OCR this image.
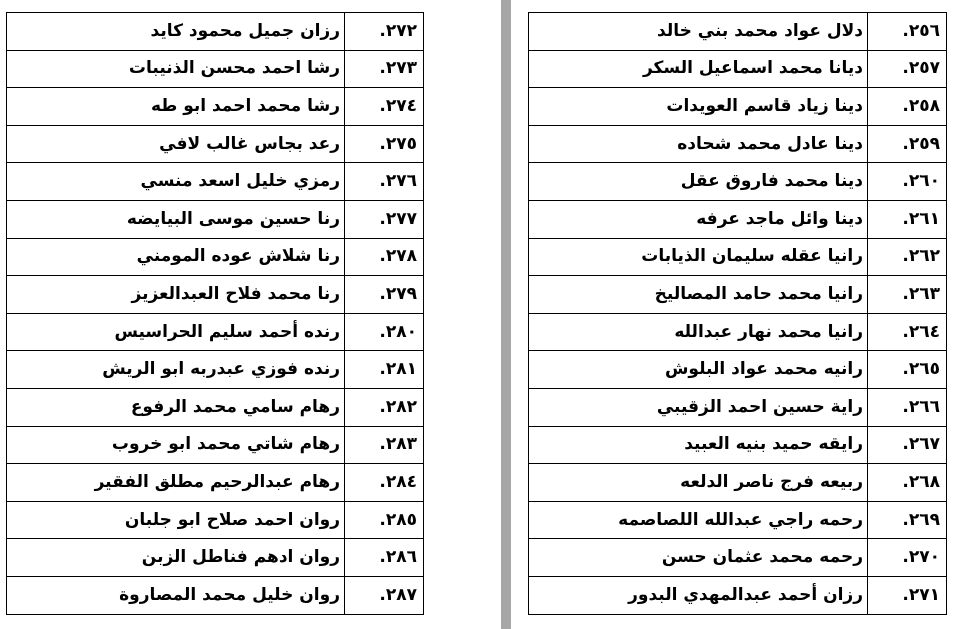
٢٧٢.	رزان جميل محمود كايد
٢٧٣.	رشا احمد محسن الذنيبات
٢٧٤.	رشا محمد احمد ابو طه
٢٧٥.	رعد بجاس غالب لافي
٢٧٦.	رمزي خليل اسعد منسي
٢٧٧.	رنا حسين موسى البيايضه
٢٧٨.	رنا شلاش عوده المومني
٢٧٩.	رنا محمد فلاح العبدالعزيز
٢٨٠.	رنده أحمد سليم الحراسيس
٢٨١.	رنده فوزي عبدربه ابو الريش
٢٨٢.	رهام سامي محمد الرفوع
٢٨٣.	رهام شاتي محمد ابو خروب
٢٨٤.	رهام عبدالرحيم مطلق الفقير
٢٨٥.	روان احمد صلاح ابو جلبان
٢٨٦.	روان ادهم فناطل الزبن
٢٨٧.	روان خليل محمد المصاروة
٢٥٦.	دلال عواد محمد بني خالد
٢٥٧.	ديانا محمد اسماعيل السكر
٢٥٨.	دينا زياد قاسم العويدات
٢٥٩.	دينا عادل محمد شحاده
٢٦٠.	دينا محمد فاروق عقل
٢٦١.	دينا وائل ماجد عرفه
٢٦٢.	رانيا عقله سليمان الذيابات
٢٦٣.	رانيا محمد حامد المصاليخ
٢٦٤.	رانيا محمد نهار عبدالله
٢٦٥.	رانيه محمد عواد البلوش
٢٦٦.	راية حسين احمد الزقيبي
٢٦٧.	رايقه حميد بنيه العبيد
٢٦٨.	ربيعه فرج ناصر الدلعه
٢٦٩.	رحمه راجي عبدالله اللصاصمه
٢٧٠.	رحمه محمد عثمان حسن
٢٧١.	رزان أحمد عبدالمهدي البدور
